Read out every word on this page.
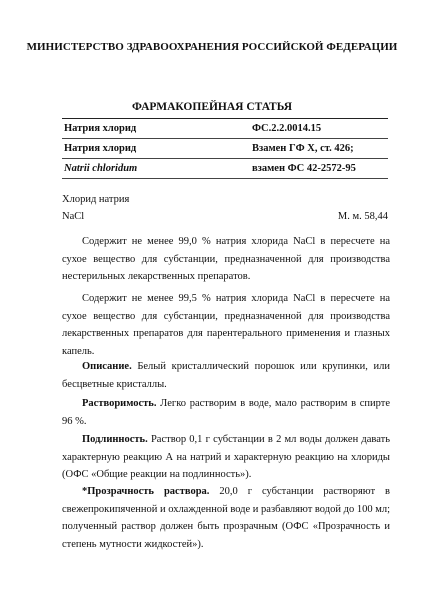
МИНИСТЕРСТВО ЗДРАВООХРАНЕНИЯ РОССИЙСКОЙ ФЕДЕРАЦИИ
ФАРМАКОПЕЙНАЯ СТАТЬЯ
Натрия хлорид	ФС.2.2.0014.15
Натрия хлорид	Взамен ГФ X, ст. 426;
Natrii chloridum	взамен ФС 42-2572-95
Хлорид натрия
NaCl	М. м. 58,44

Содержит не менее 99,0 % натрия хлорида NaCl в пересчете на сухое вещество для субстанции, предназначенной для производства нестерильных лекарственных препаратов.

Содержит не менее 99,5 % натрия хлорида NaCl в пересчете на сухое вещество для субстанции, предназначенной для производства лекарственных препаратов для парентерального применения и глазных капель.

Описание. Белый кристаллический порошок или крупинки, или бесцветные кристаллы.

Растворимость. Легко растворим в воде, мало растворим в спирте 96 %.

Подлинность. Раствор 0,1 г субстанции в 2 мл воды должен давать характерную реакцию А на натрий и характерную реакцию на хлориды (ОФС «Общие реакции на подлинность»).

*Прозрачность раствора. 20,0 г субстанции растворяют в свежепрокипяченной и охлажденной воде и разбавляют водой до 100 мл; полученный раствор должен быть прозрачным (ОФС «Прозрачность и степень мутности жидкостей»).
